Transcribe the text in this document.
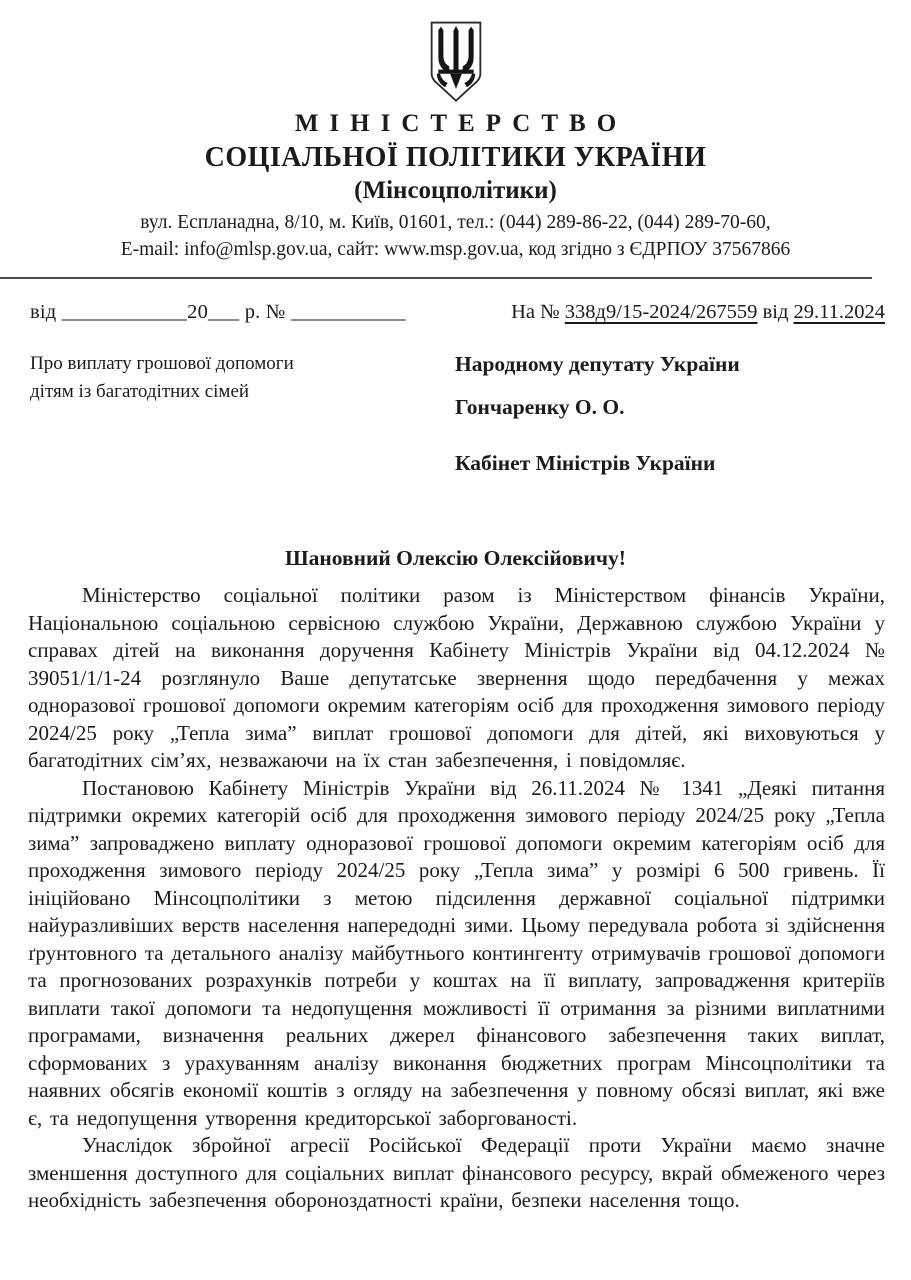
МІНІСТЕРСТВО
СОЦІАЛЬНОЇ ПОЛІТИКИ УКРАЇНИ
(Мінсоцполітики)
вул. Еспланадна, 8/10, м. Київ, 01601, тел.: (044) 289-86-22, (044) 289-70-60,
E-mail: info@mlsp.gov.ua, сайт: www.msp.gov.ua, код згідно з ЄДРПОУ 37567866
від ____________20___ р. № ___________	На № 338д9/15-2024/267559 від 29.11.2024
Про виплату грошової допомоги
дітям із багатодітних сімей
Народному депутату України
Гончаренку О. О.
Кабінет Міністрів України
Шановний Олексію Олексійовичу!

Міністерство соціальної політики разом із Міністерством фінансів України, Національною соціальною сервісною службою України, Державною службою України у справах дітей на виконання доручення Кабінету Міністрів України від 04.12.2024 № 39051/1/1-24 розглянуло Ваше депутатське звернення щодо передбачення у межах одноразової грошової допомоги окремим категоріям осіб для проходження зимового періоду 2024/25 року „Тепла зима” виплат грошової допомоги для дітей, які виховуються у багатодітних сім’ях, незважаючи на їх стан забезпечення, і повідомляє.

Постановою Кабінету Міністрів України від 26.11.2024 № 1341 „Деякі питання підтримки окремих категорій осіб для проходження зимового періоду 2024/25 року „Тепла зима” запроваджено виплату одноразової грошової допомоги окремим категоріям осіб для проходження зимового періоду 2024/25 року „Тепла зима” у розмірі 6 500 гривень. Її ініційовано Мінсоцполітики з метою підсилення державної соціальної підтримки найуразливіших верств населення напередодні зими. Цьому передувала робота зі здійснення ґрунтовного та детального аналізу майбутнього контингенту отримувачів грошової допомоги та прогнозованих розрахунків потреби у коштах на її виплату, запровадження критеріїв виплати такої допомоги та недопущення можливості її отримання за різними виплатними програмами, визначення реальних джерел фінансового забезпечення таких виплат, сформованих з урахуванням аналізу виконання бюджетних програм Мінсоцполітики та наявних обсягів економії коштів з огляду на забезпечення у повному обсязі виплат, які вже є, та недопущення утворення кредиторської заборгованості.

Унаслідок збройної агресії Російської Федерації проти України маємо значне зменшення доступного для соціальних виплат фінансового ресурсу, вкрай обмеженого через необхідність забезпечення обороноздатності країни, безпеки населення тощо.
